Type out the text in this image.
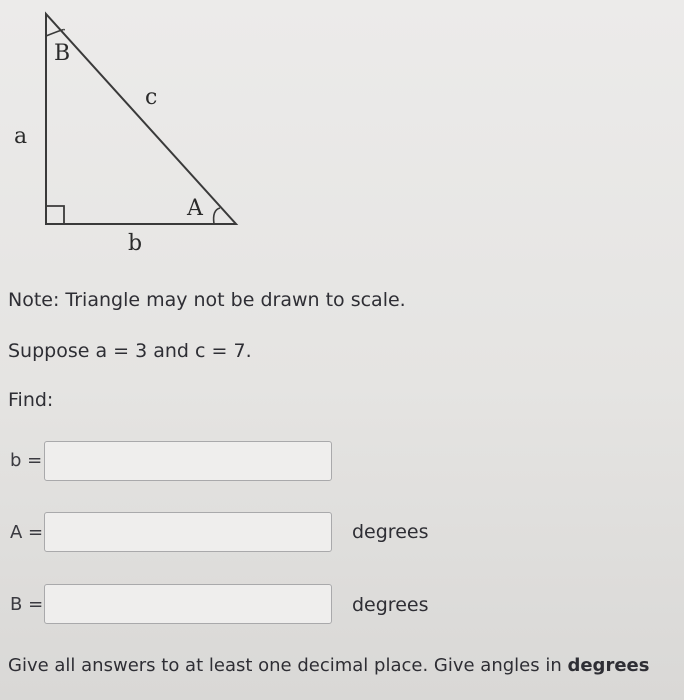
B
c
a
A
b
Note: Triangle may not be drawn to scale.
Suppose a = 3 and c = 7.
Find:
b =
A =	degrees
B =	degrees
Give all answers to at least one decimal place. Give angles in degrees
